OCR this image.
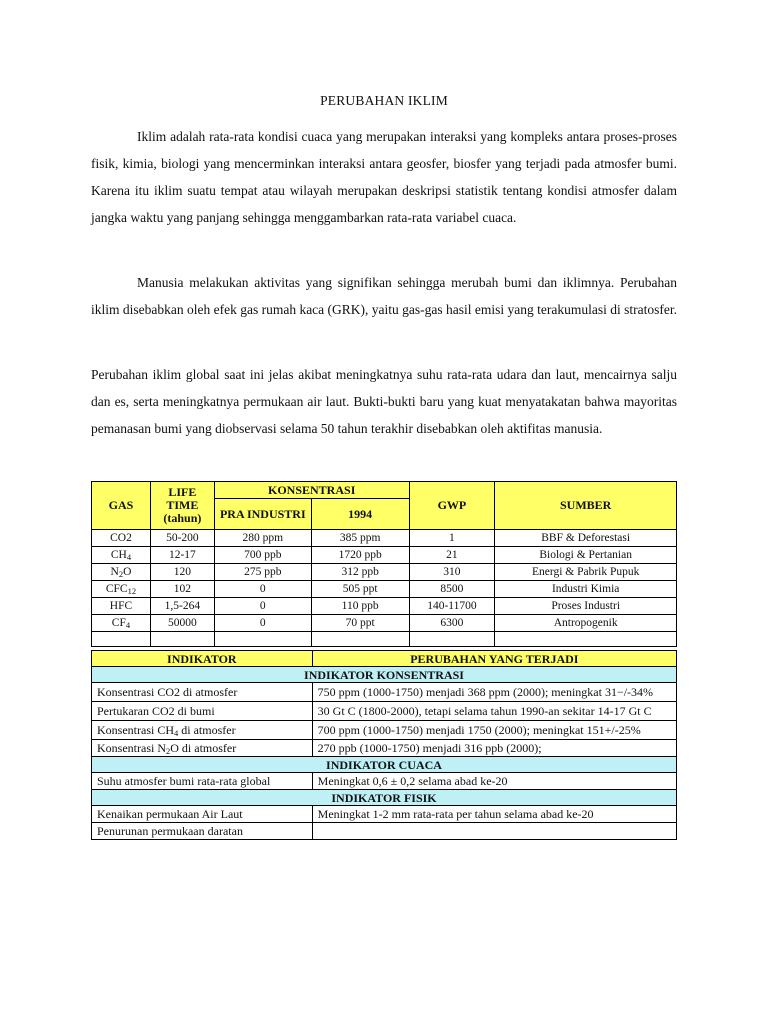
PERUBAHAN IKLIM

Iklim adalah rata-rata kondisi cuaca yang merupakan interaksi yang kompleks antara proses-proses fisik, kimia, biologi yang mencerminkan interaksi antara geosfer, biosfer yang terjadi pada atmosfer bumi. Karena itu iklim suatu tempat atau wilayah merupakan deskripsi statistik tentang kondisi atmosfer dalam jangka waktu yang panjang sehingga menggambarkan rata-rata variabel cuaca.

Manusia melakukan aktivitas yang signifikan sehingga merubah bumi dan iklimnya. Perubahan iklim disebabkan oleh efek gas rumah kaca (GRK), yaitu gas-gas hasil emisi yang terakumulasi di stratosfer.

Perubahan iklim global saat ini jelas akibat meningkatnya suhu rata-rata udara dan laut, mencairnya salju dan es, serta meningkatnya permukaan air laut. Bukti-bukti baru yang kuat menyatakatan bahwa mayoritas pemanasan bumi yang diobservasi selama 50 tahun terakhir disebabkan oleh aktifitas manusia.

GAS	LIFE TIME (tahun)	KONSENTRASI		GWP	SUMBER
		PRA INDUSTRI	1994		
CO2	50-200	280 ppm	385 ppm	1	BBF & Deforestasi
$CH_4$	12-17	700 ppb	1720 ppb	21	Biologi & Pertanian
$N_2O$	120	275 ppb	312 ppb	310	Energi & Pabrik Pupuk
$CFC_{12}$	102	0	505 ppt	8500	Industri Kimia
HFC	1,5-264	0	110 ppb	140-11700	Proses Industri
$CF_4$	50000	0	70 ppt	6300	Antropogenik

INDIKATOR	PERUBAHAN YANG TERJADI
INDIKATOR KONSENTRASI	
Konsentrasi CO2 di atmosfer	750 ppm (1000-1750) menjadi 368 ppm (2000); meningkat 31−/-34%
Pertukaran CO2 di bumi	30 Gt C (1800-2000), tetapi selama tahun 1990-an sekitar 14-17 Gt C
Konsentrasi $CH_4$ di atmosfer	700 ppm (1000-1750) menjadi 1750 (2000); meningkat 151+/-25%
Konsentrasi $N_2O$ di atmosfer	270 ppb (1000-1750) menjadi 316 ppb (2000);
INDIKATOR CUACA	
Suhu atmosfer bumi rata-rata global	Meningkat 0,6 ± 0,2 selama abad ke-20
INDIKATOR FISIK	
Kenaikan permukaan Air Laut	Meningkat 1-2 mm rata-rata per tahun selama abad ke-20
Penurunan permukaan daratan	
